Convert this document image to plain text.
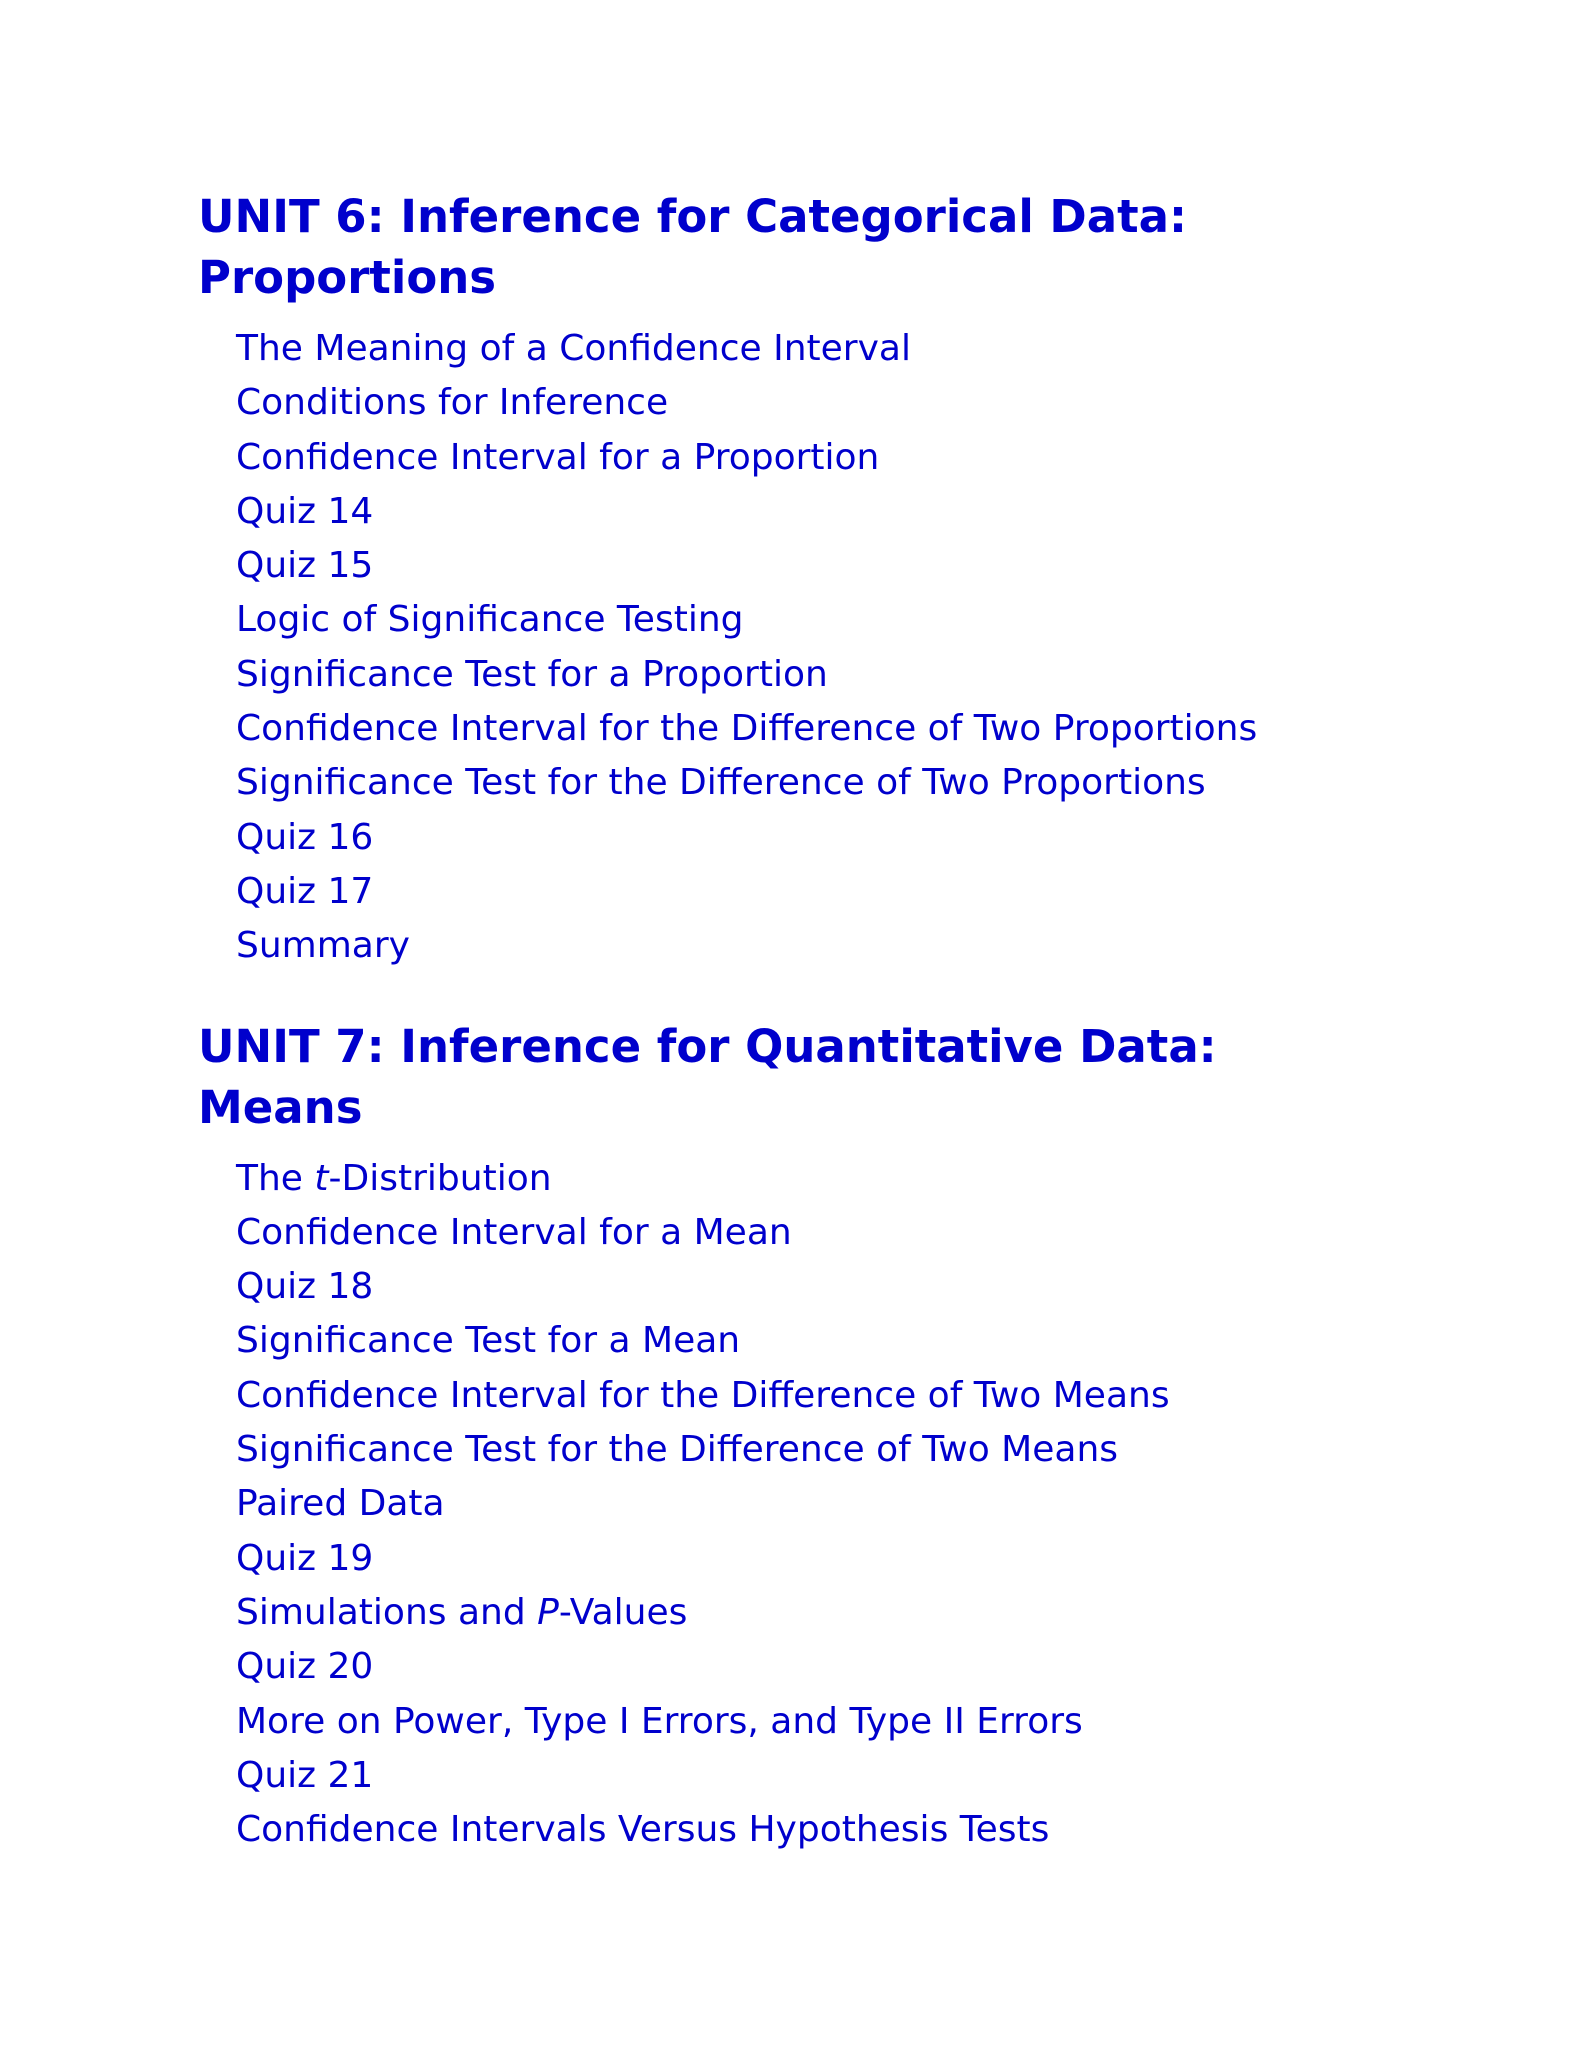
UNIT 6: Inference for Categorical Data:
Proportions
The Meaning of a Confidence Interval
Conditions for Inference
Confidence Interval for a Proportion
Quiz 14
Quiz 15
Logic of Significance Testing
Significance Test for a Proportion
Confidence Interval for the Difference of Two Proportions
Significance Test for the Difference of Two Proportions
Quiz 16
Quiz 17
Summary
UNIT 7: Inference for Quantitative Data:
Means
The t-Distribution
Confidence Interval for a Mean
Quiz 18
Significance Test for a Mean
Confidence Interval for the Difference of Two Means
Significance Test for the Difference of Two Means
Paired Data
Quiz 19
Simulations and P-Values
Quiz 20
More on Power, Type I Errors, and Type II Errors
Quiz 21
Confidence Intervals Versus Hypothesis Tests
